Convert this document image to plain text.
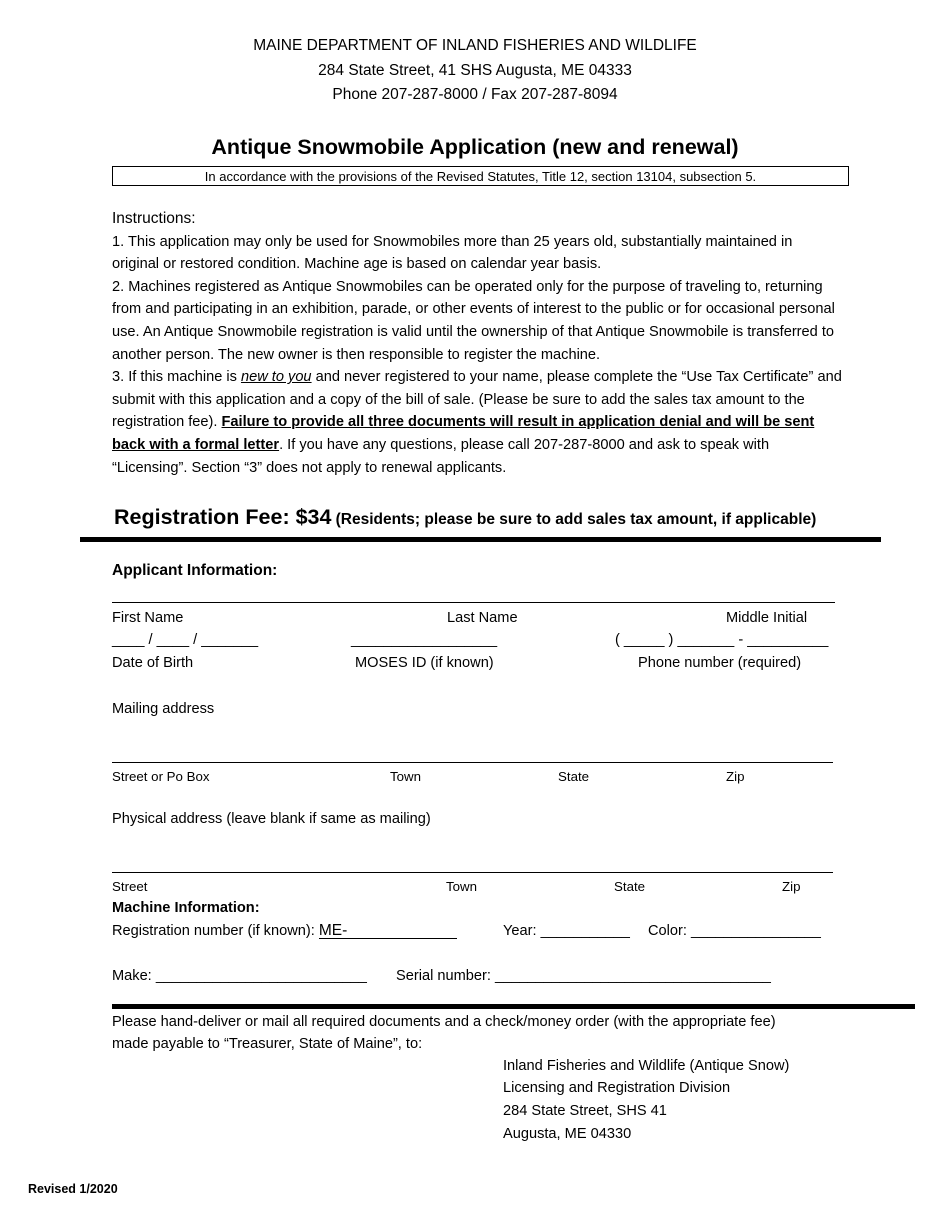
MAINE DEPARTMENT OF INLAND FISHERIES AND WILDLIFE
284 State Street, 41 SHS Augusta, ME 04333
Phone 207-287-8000 / Fax 207-287-8094
Antique Snowmobile Application (new and renewal)
In accordance with the provisions of the Revised Statutes, Title 12, section 13104, subsection 5.

Instructions:

1. This application may only be used for Snowmobiles more than 25 years old, substantially maintained in original or restored condition. Machine age is based on calendar year basis.

2. Machines registered as Antique Snowmobiles can be operated only for the purpose of traveling to, returning from and participating in an exhibition, parade, or other events of interest to the public or for occasional personal use. An Antique Snowmobile registration is valid until the ownership of that Antique Snowmobile is transferred to another person. The new owner is then responsible to register the machine.

3. If this machine is new to you and never registered to your name, please complete the “Use Tax Certificate” and submit with this application and a copy of the bill of sale. (Please be sure to add the sales tax amount to the registration fee). Failure to provide all three documents will result in application denial and will be sent back with a formal letter. If you have any questions, please call 207-287-8000 and ask to speak with “Licensing”. Section “3” does not apply to renewal applicants.

Registration Fee: $34 (Residents; please be sure to add sales tax amount, if applicable)
Applicant Information:
First Name	Last Name	Middle Initial
____ / ____ / _______	__________________	( _____ ) _______ - __________
Date of Birth	MOSES ID (if known)	Phone number (required)
Mailing address
Street or Po Box	Town	State	Zip
Physical address (leave blank if same as mailing)
Street	Town	State	Zip
Machine Information:
Registration number (if known): ME-	Year: ___________ Color: ________________
Make: __________________________ Serial number: __________________________________
Please hand-deliver or mail all required documents and a check/money order (with the appropriate fee)
made payable to “Treasurer, State of Maine”, to:
Inland Fisheries and Wildlife (Antique Snow)
Licensing and Registration Division
284 State Street, SHS 41
Augusta, ME 04330
Revised 1/2020
